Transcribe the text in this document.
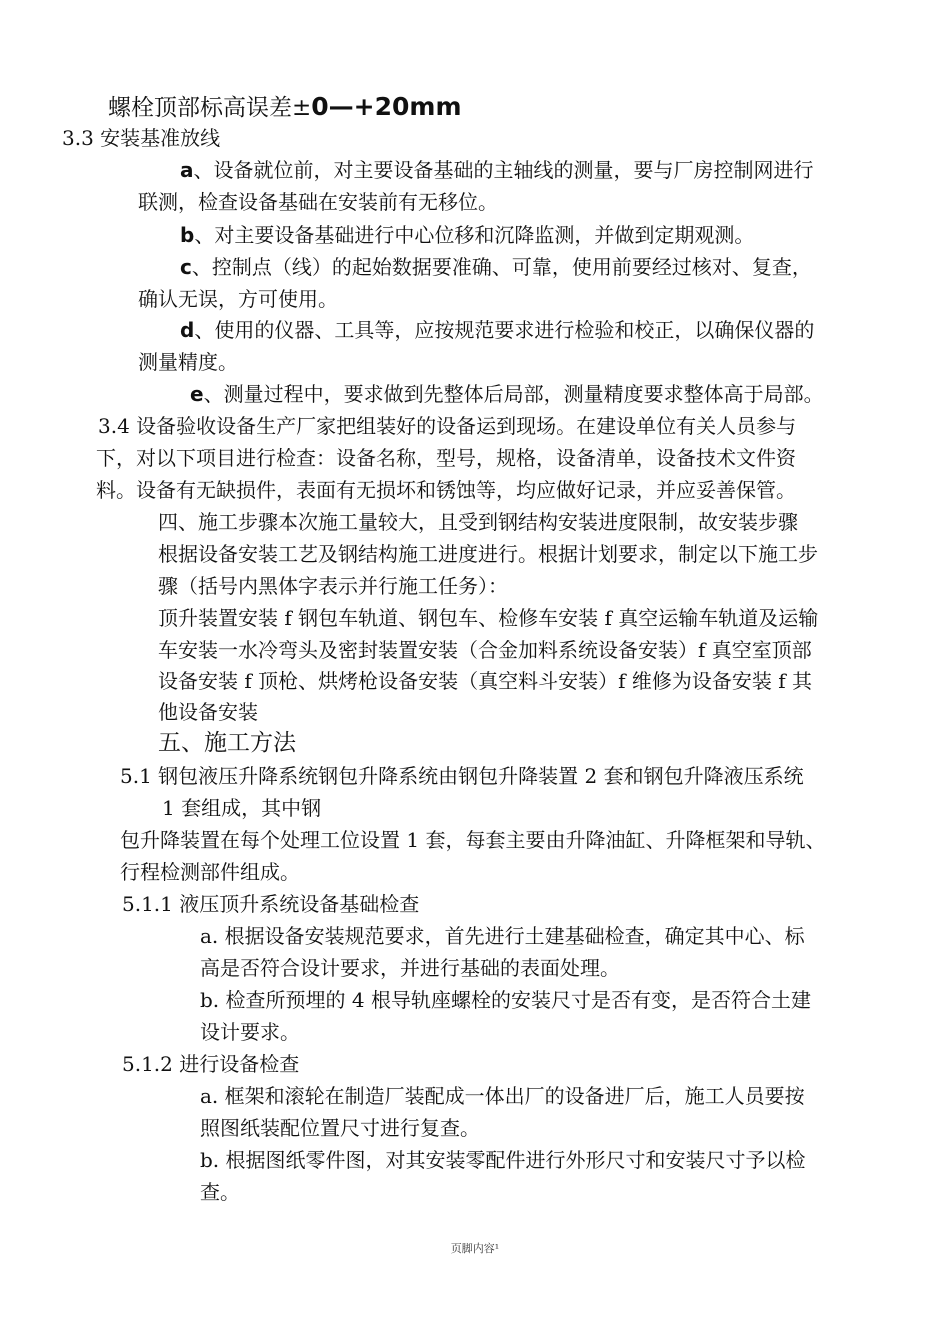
螺栓顶部标高误差±0—+20mm
3.3 安装基准放线
a、设备就位前，对主要设备基础的主轴线的测量，要与厂房控制网进行
联测，检查设备基础在安装前有无移位。
b、对主要设备基础进行中心位移和沉降监测，并做到定期观测。
c、控制点（线）的起始数据要准确、可靠，使用前要经过核对、复查，
确认无误，方可使用。
d、使用的仪器、工具等，应按规范要求进行检验和校正，以确保仪器的
测量精度。
e、测量过程中，要求做到先整体后局部，测量精度要求整体高于局部。
3.4 设备验收设备生产厂家把组装好的设备运到现场。在建设单位有关人员参与
下，对以下项目进行检查：设备名称，型号，规格，设备清单，设备技术文件资
料。设备有无缺损件，表面有无损坏和锈蚀等，均应做好记录，并应妥善保管。
四、施工步骤本次施工量较大，且受到钢结构安装进度限制，故安装步骤
根据设备安装工艺及钢结构施工进度进行。根据计划要求，制定以下施工步
骤（括号内黑体字表示并行施工任务）：
顶升装置安装 f 钢包车轨道、钢包车、检修车安装 f 真空运输车轨道及运输
车安装一水冷弯头及密封装置安装（合金加料系统设备安装）f 真空室顶部
设备安装 f 顶枪、烘烤枪设备安装（真空料斗安装）f 维修为设备安装 f 其
他设备安装
五、施工方法
5.1 钢包液压升降系统钢包升降系统由钢包升降装置 2 套和钢包升降液压系统
1 套组成，其中钢
包升降装置在每个处理工位设置 1 套，每套主要由升降油缸、升降框架和导轨、
行程检测部件组成。
5.1.1 液压顶升系统设备基础检查
a. 根据设备安装规范要求，首先进行土建基础检查，确定其中心、标
高是否符合设计要求，并进行基础的表面处理。
b. 检查所预埋的 4 根导轨座螺栓的安装尺寸是否有变，是否符合土建
设计要求。
5.1.2 进行设备检查
a. 框架和滚轮在制造厂装配成一体出厂的设备进厂后，施工人员要按
照图纸装配位置尺寸进行复查。
b. 根据图纸零件图，对其安装零配件进行外形尺寸和安装尺寸予以检
查。
页脚内容¹
